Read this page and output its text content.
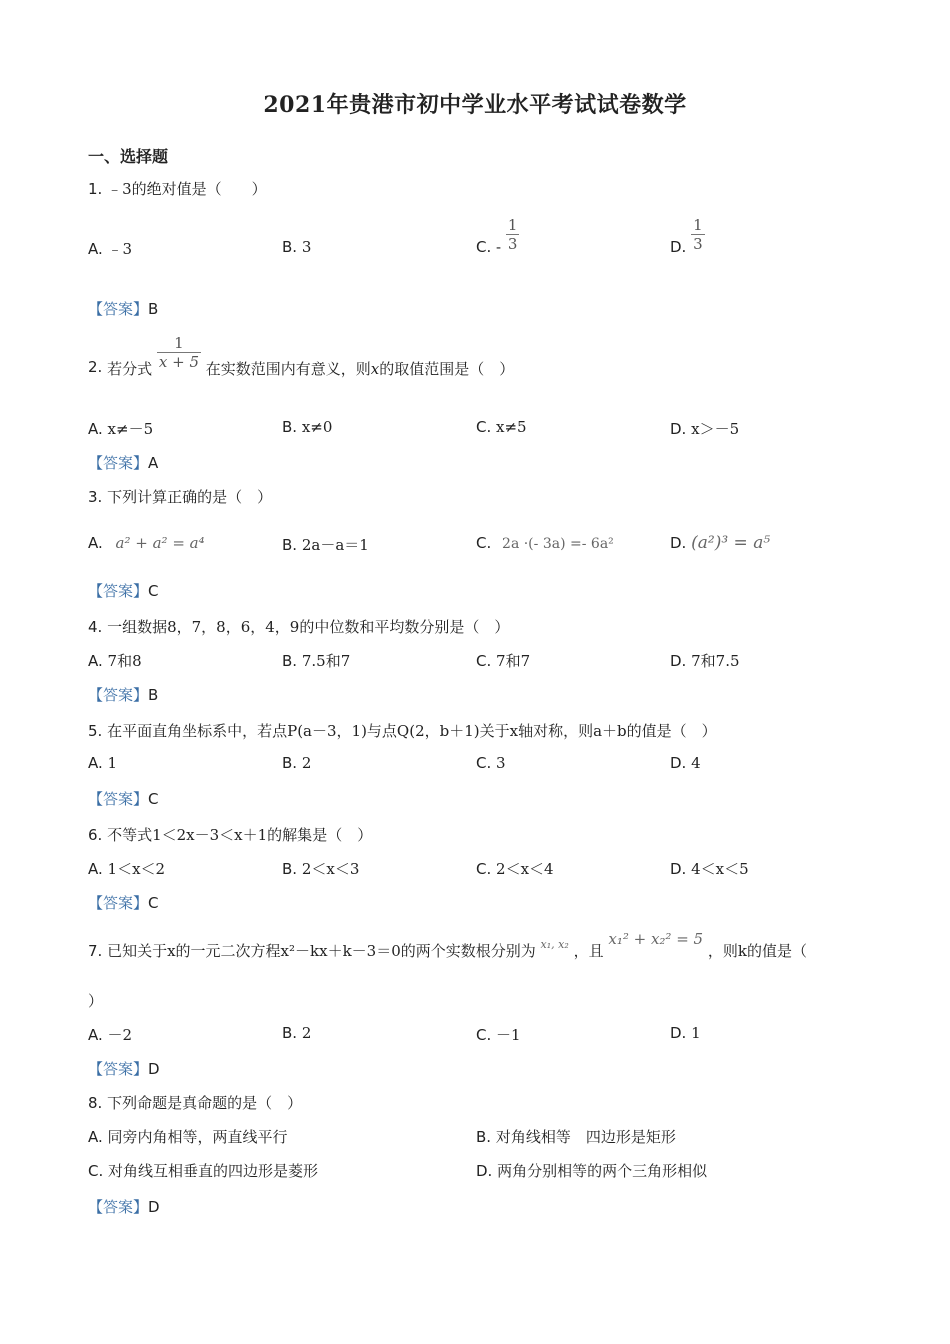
2021年贵港市初中学业水平考试试卷数学
一、选择题
1. ﹣3的绝对值是（　　）
A. ﹣3	B. 3	C. - $\frac{1}{3}$	D. $\frac{1}{3}$
【答案】B
2. 若分式 $\frac{1}{x + 5}$ 在实数范围内有意义，则x的取值范围是（　）
A. x≠－5	B. x≠0	C. x≠5	D. x＞－5
【答案】A
3. 下列计算正确的是（　）
A. a² + a² = a⁴	B. 2a－a＝1	C. 2a ·(- 3a) =- 6a²	D. (a²)³ = a⁵
【答案】C
4. 一组数据8，7，8，6，4，9的中位数和平均数分别是（　）
A. 7和8	B. 7.5和7	C. 7和7	D. 7和7.5
【答案】B
5. 在平面直角坐标系中，若点P(a－3，1)与点Q(2，b＋1)关于x轴对称，则a＋b的值是（　）
A. 1	B. 2	C. 3	D. 4
【答案】C
6. 不等式1＜2x－3＜x＋1的解集是（　）
A. 1＜x＜2	B. 2＜x＜3	C. 2＜x＜4	D. 4＜x＜5
【答案】C
7. 已知关于x的一元二次方程x²－kx＋k－3＝0的两个实数根分别为 x₁, x₂ ，且 x₁² + x₂² = 5 ，则k的值是（
）
A. －2	B. 2	C. －1	D. 1
【答案】D
8. 下列命题是真命题的是（　）
A. 同旁内角相等，两直线平行	B. 对角线相等　四边形是矩形
C. 对角线互相垂直的四边形是菱形	D. 两角分别相等的两个三角形相似
【答案】D
